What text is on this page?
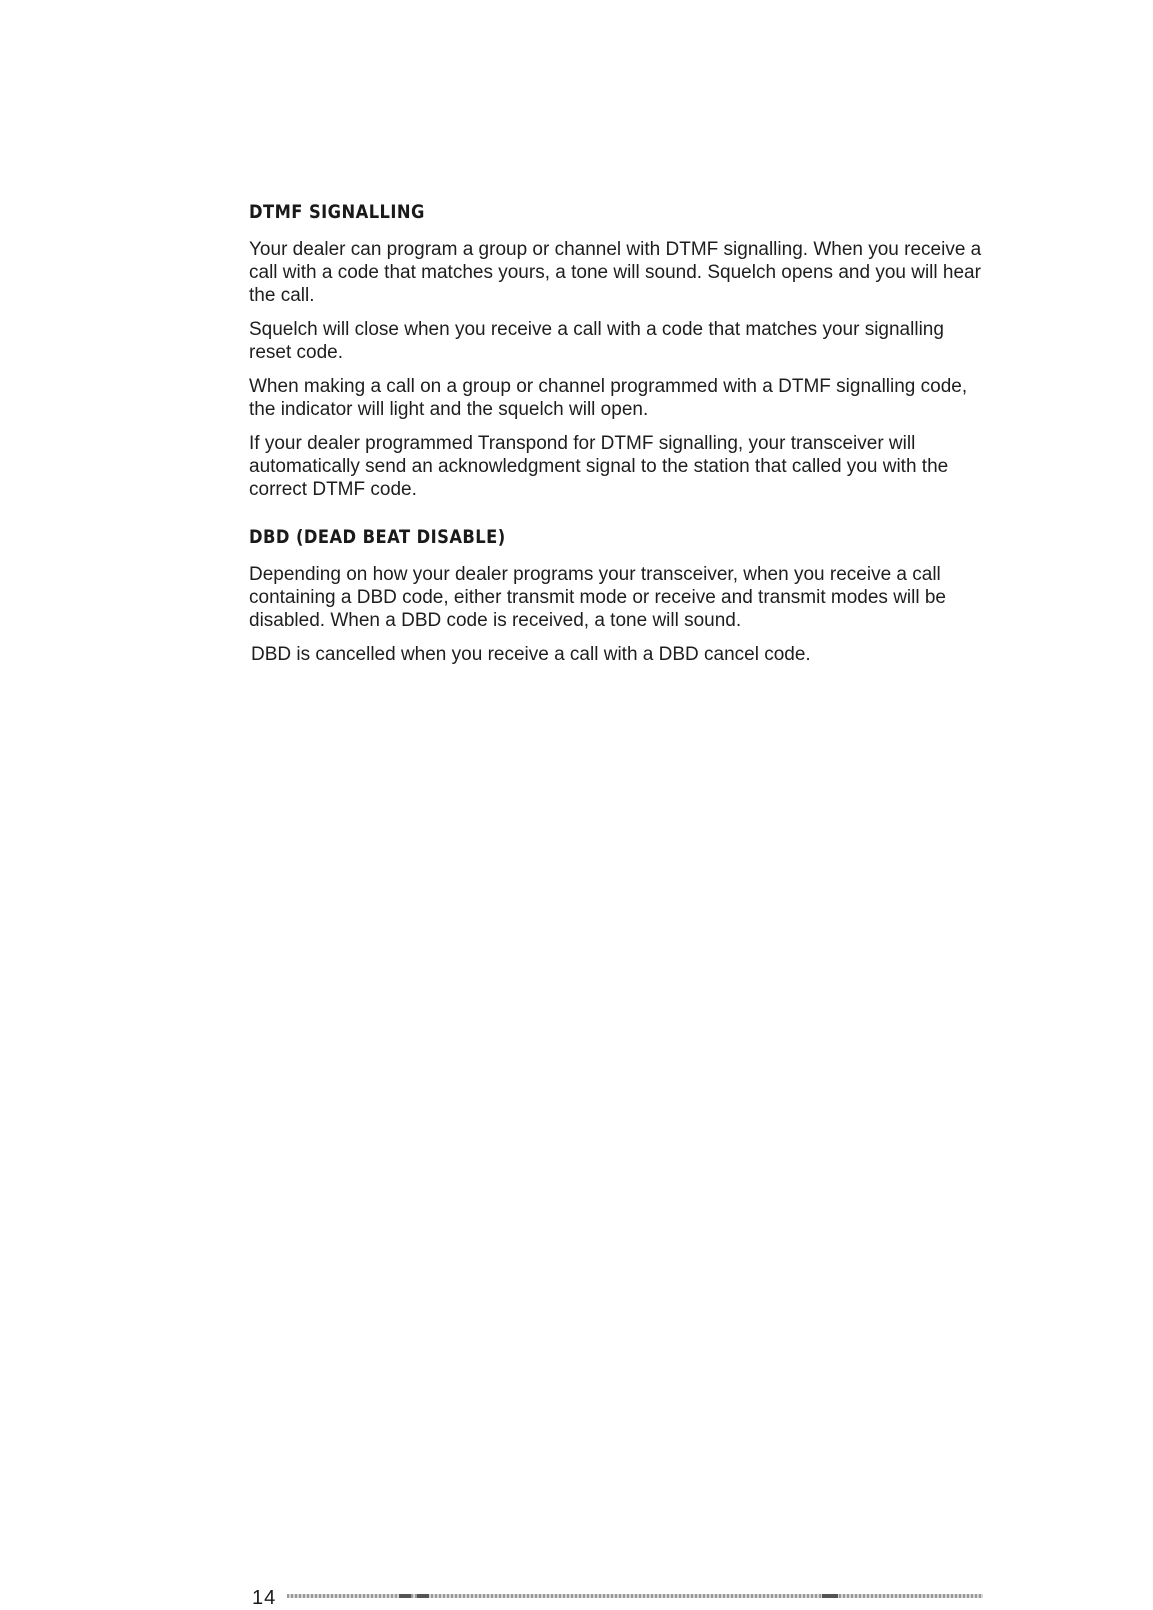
DTMF SIGNALLING

Your dealer can program a group or channel with DTMF signalling. When you receive a call with a code that matches yours, a tone will sound. Squelch opens and you will hear the call.

Squelch will close when you receive a call with a code that matches your signalling reset code.

When making a call on a group or channel programmed with a DTMF signalling code, the indicator will light and the squelch will open.

If your dealer programmed Transpond for DTMF signalling, your transceiver will automatically send an acknowledgment signal to the station that called you with the correct DTMF code.

DBD (DEAD BEAT DISABLE)

Depending on how your dealer programs your transceiver, when you receive a call containing a DBD code, either transmit mode or receive and transmit modes will be disabled. When a DBD code is received, a tone will sound.

DBD is cancelled when you receive a call with a DBD cancel code.

14
